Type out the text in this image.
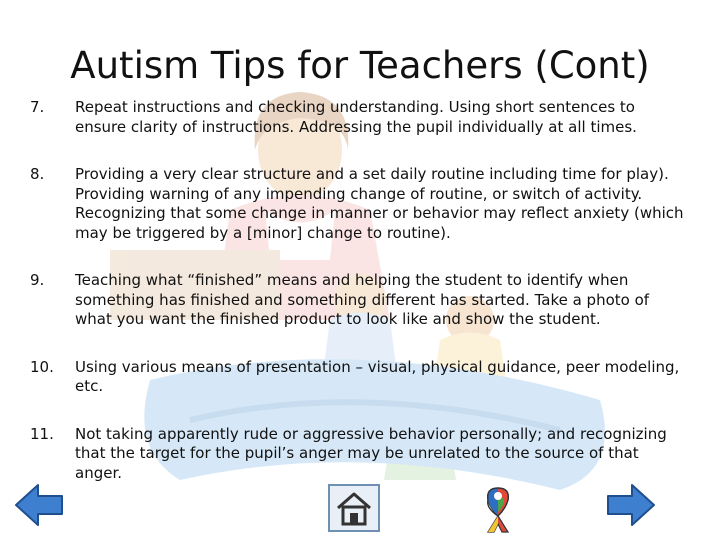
Autism Tips for Teachers (Cont)
7.	Repeat instructions and checking understanding. Using short sentences to ensure clarity of instructions. Addressing the pupil individually at all times.
8.	Providing a very clear structure and a set daily routine including time for play). Providing warning of any impending change of routine, or switch of activity. Recognizing that some change in manner or behavior may reflect anxiety (which may be triggered by a [minor] change to routine).
9.	Teaching what “finished” means and helping the student to identify when something has finished and something different has started. Take a photo of what you want the finished product to look like and show the student.
10.	Using various means of presentation – visual, physical guidance, peer modeling, etc.
11.	Not taking apparently rude or aggressive behavior personally; and recognizing that the target for the pupil’s anger may be unrelated to the source of that anger.
